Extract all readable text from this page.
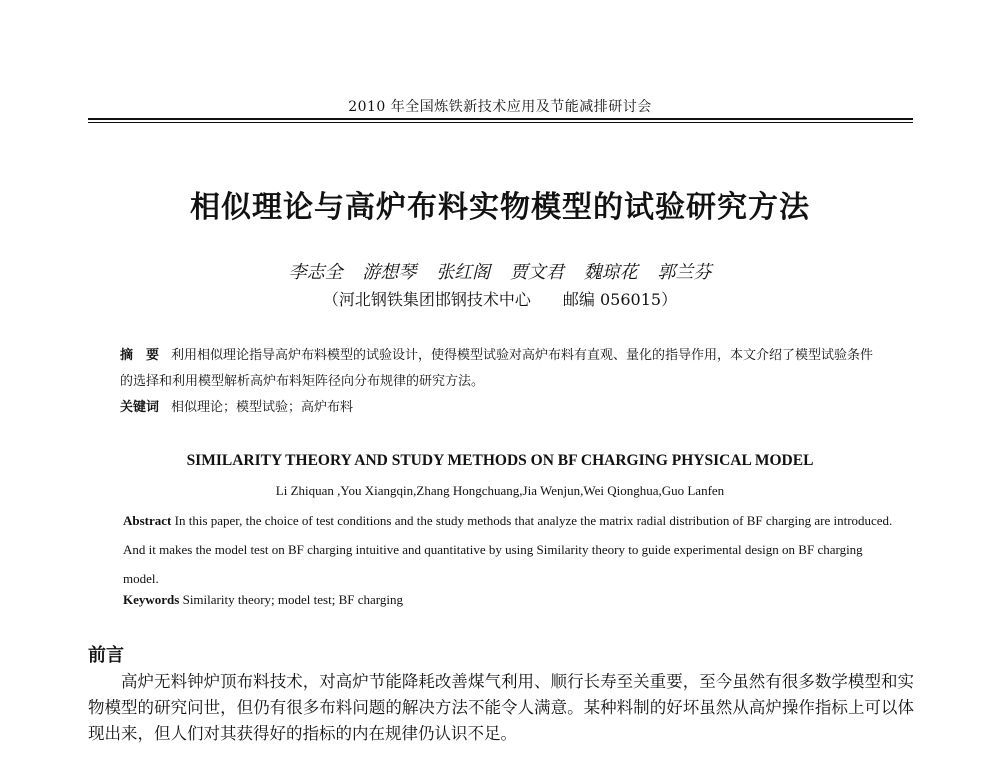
2010 年全国炼铁新技术应用及节能减排研讨会
相似理论与高炉布料实物模型的试验研究方法
李志全 游想琴 张红阁 贾文君 魏琼花 郭兰芬
（河北钢铁集团邯钢技术中心　　邮编 056015）
摘　要 利用相似理论指导高炉布料模型的试验设计，使得模型试验对高炉布料有直观、量化的指导作用，本文介绍了模型试验条件的选择和利用模型解析高炉布料矩阵径向分布规律的研究方法。
关键词 相似理论；模型试验；高炉布料
SIMILARITY THEORY AND STUDY METHODS ON BF CHARGING PHYSICAL MODEL
Li Zhiquan ,You Xiangqin,Zhang Hongchuang,Jia Wenjun,Wei Qionghua,Guo Lanfen
Abstract In this paper, the choice of test conditions and the study methods that analyze the matrix radial distribution of BF charging are introduced. And it makes the model test on BF charging intuitive and quantitative by using Similarity theory to guide experimental design on BF charging model.
Keywords Similarity theory; model test; BF charging
前言
高炉无料钟炉顶布料技术，对高炉节能降耗改善煤气利用、顺行长寿至关重要，至今虽然有很多数学模型和实物模型的研究问世，但仍有很多布料问题的解决方法不能令人满意。某种料制的好坏虽然从高炉操作指标上可以体现出来，但人们对其获得好的指标的内在规律仍认识不足。
